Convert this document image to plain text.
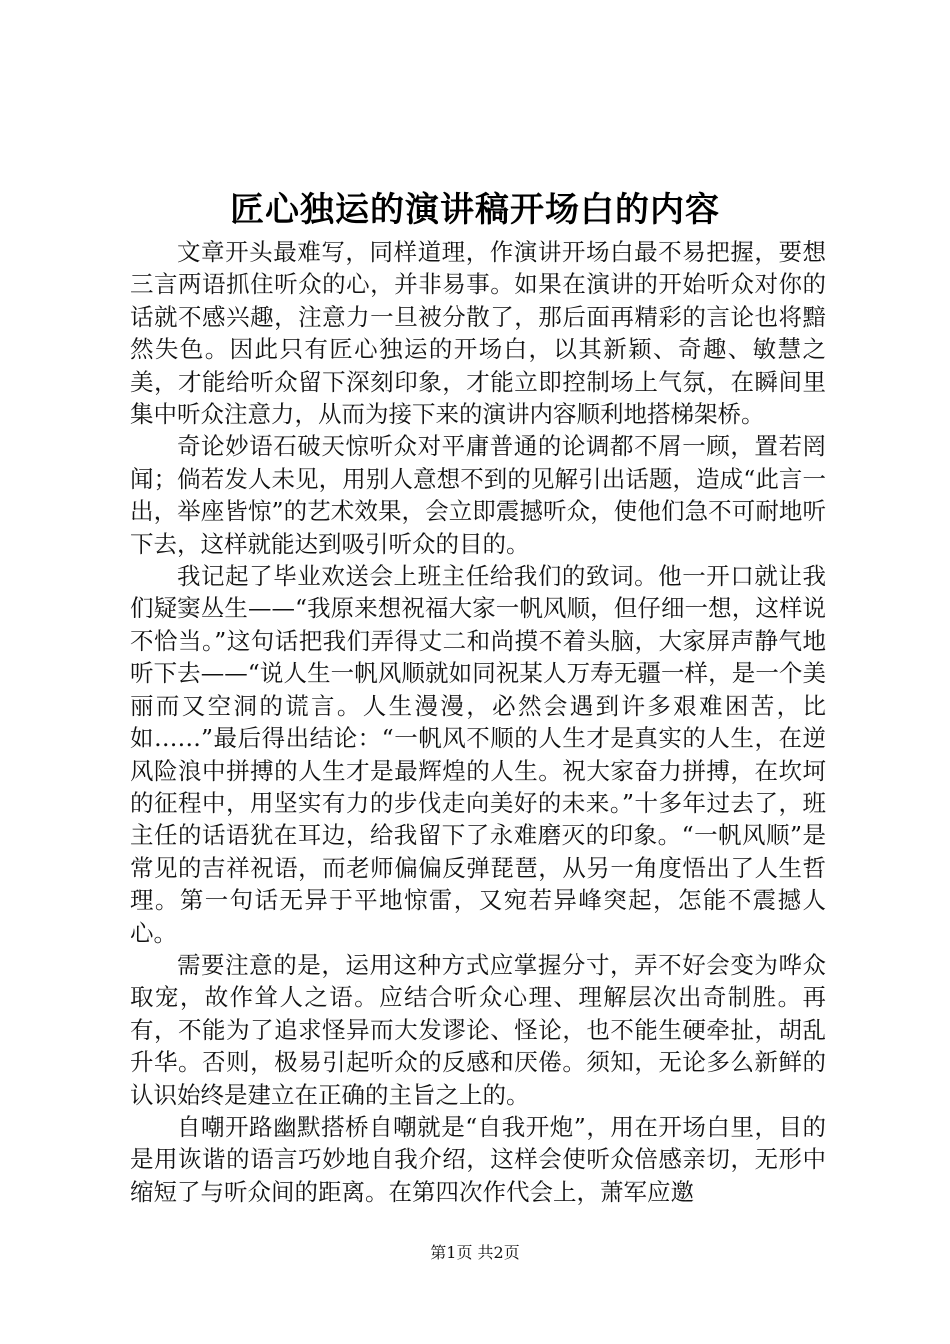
匠心独运的演讲稿开场白的内容

文章开头最难写，同样道理，作演讲开场白最不易把握，要想三言两语抓住听众的心，并非易事。如果在演讲的开始听众对你的话就不感兴趣，注意力一旦被分散了，那后面再精彩的言论也将黯然失色。因此只有匠心独运的开场白，以其新颖、奇趣、敏慧之美，才能给听众留下深刻印象，才能立即控制场上气氛，在瞬间里集中听众注意力，从而为接下来的演讲内容顺利地搭梯架桥。

奇论妙语石破天惊听众对平庸普通的论调都不屑一顾，置若罔闻；倘若发人未见，用别人意想不到的见解引出话题，造成“此言一出，举座皆惊”的艺术效果，会立即震撼听众，使他们急不可耐地听下去，这样就能达到吸引听众的目的。

我记起了毕业欢送会上班主任给我们的致词。他一开口就让我们疑窦丛生——“我原来想祝福大家一帆风顺，但仔细一想，这样说不恰当。”这句话把我们弄得丈二和尚摸不着头脑，大家屏声静气地听下去——“说人生一帆风顺就如同祝某人万寿无疆一样，是一个美丽而又空洞的谎言。人生漫漫，必然会遇到许多艰难困苦，比如……”最后得出结论：“一帆风不顺的人生才是真实的人生，在逆风险浪中拼搏的人生才是最辉煌的人生。祝大家奋力拼搏，在坎坷的征程中，用坚实有力的步伐走向美好的未来。”十多年过去了，班主任的话语犹在耳边，给我留下了永难磨灭的印象。“一帆风顺”是常见的吉祥祝语，而老师偏偏反弹琵琶，从另一角度悟出了人生哲理。第一句话无异于平地惊雷，又宛若异峰突起，怎能不震撼人心。

需要注意的是，运用这种方式应掌握分寸，弄不好会变为哗众取宠，故作耸人之语。应结合听众心理、理解层次出奇制胜。再有，不能为了追求怪异而大发谬论、怪论，也不能生硬牵扯，胡乱升华。否则，极易引起听众的反感和厌倦。须知，无论多么新鲜的认识始终是建立在正确的主旨之上的。

自嘲开路幽默搭桥自嘲就是“自我开炮”，用在开场白里，目的是用诙谐的语言巧妙地自我介绍，这样会使听众倍感亲切，无形中缩短了与听众间的距离。在第四次作代会上，萧军应邀

第1页 共2页
